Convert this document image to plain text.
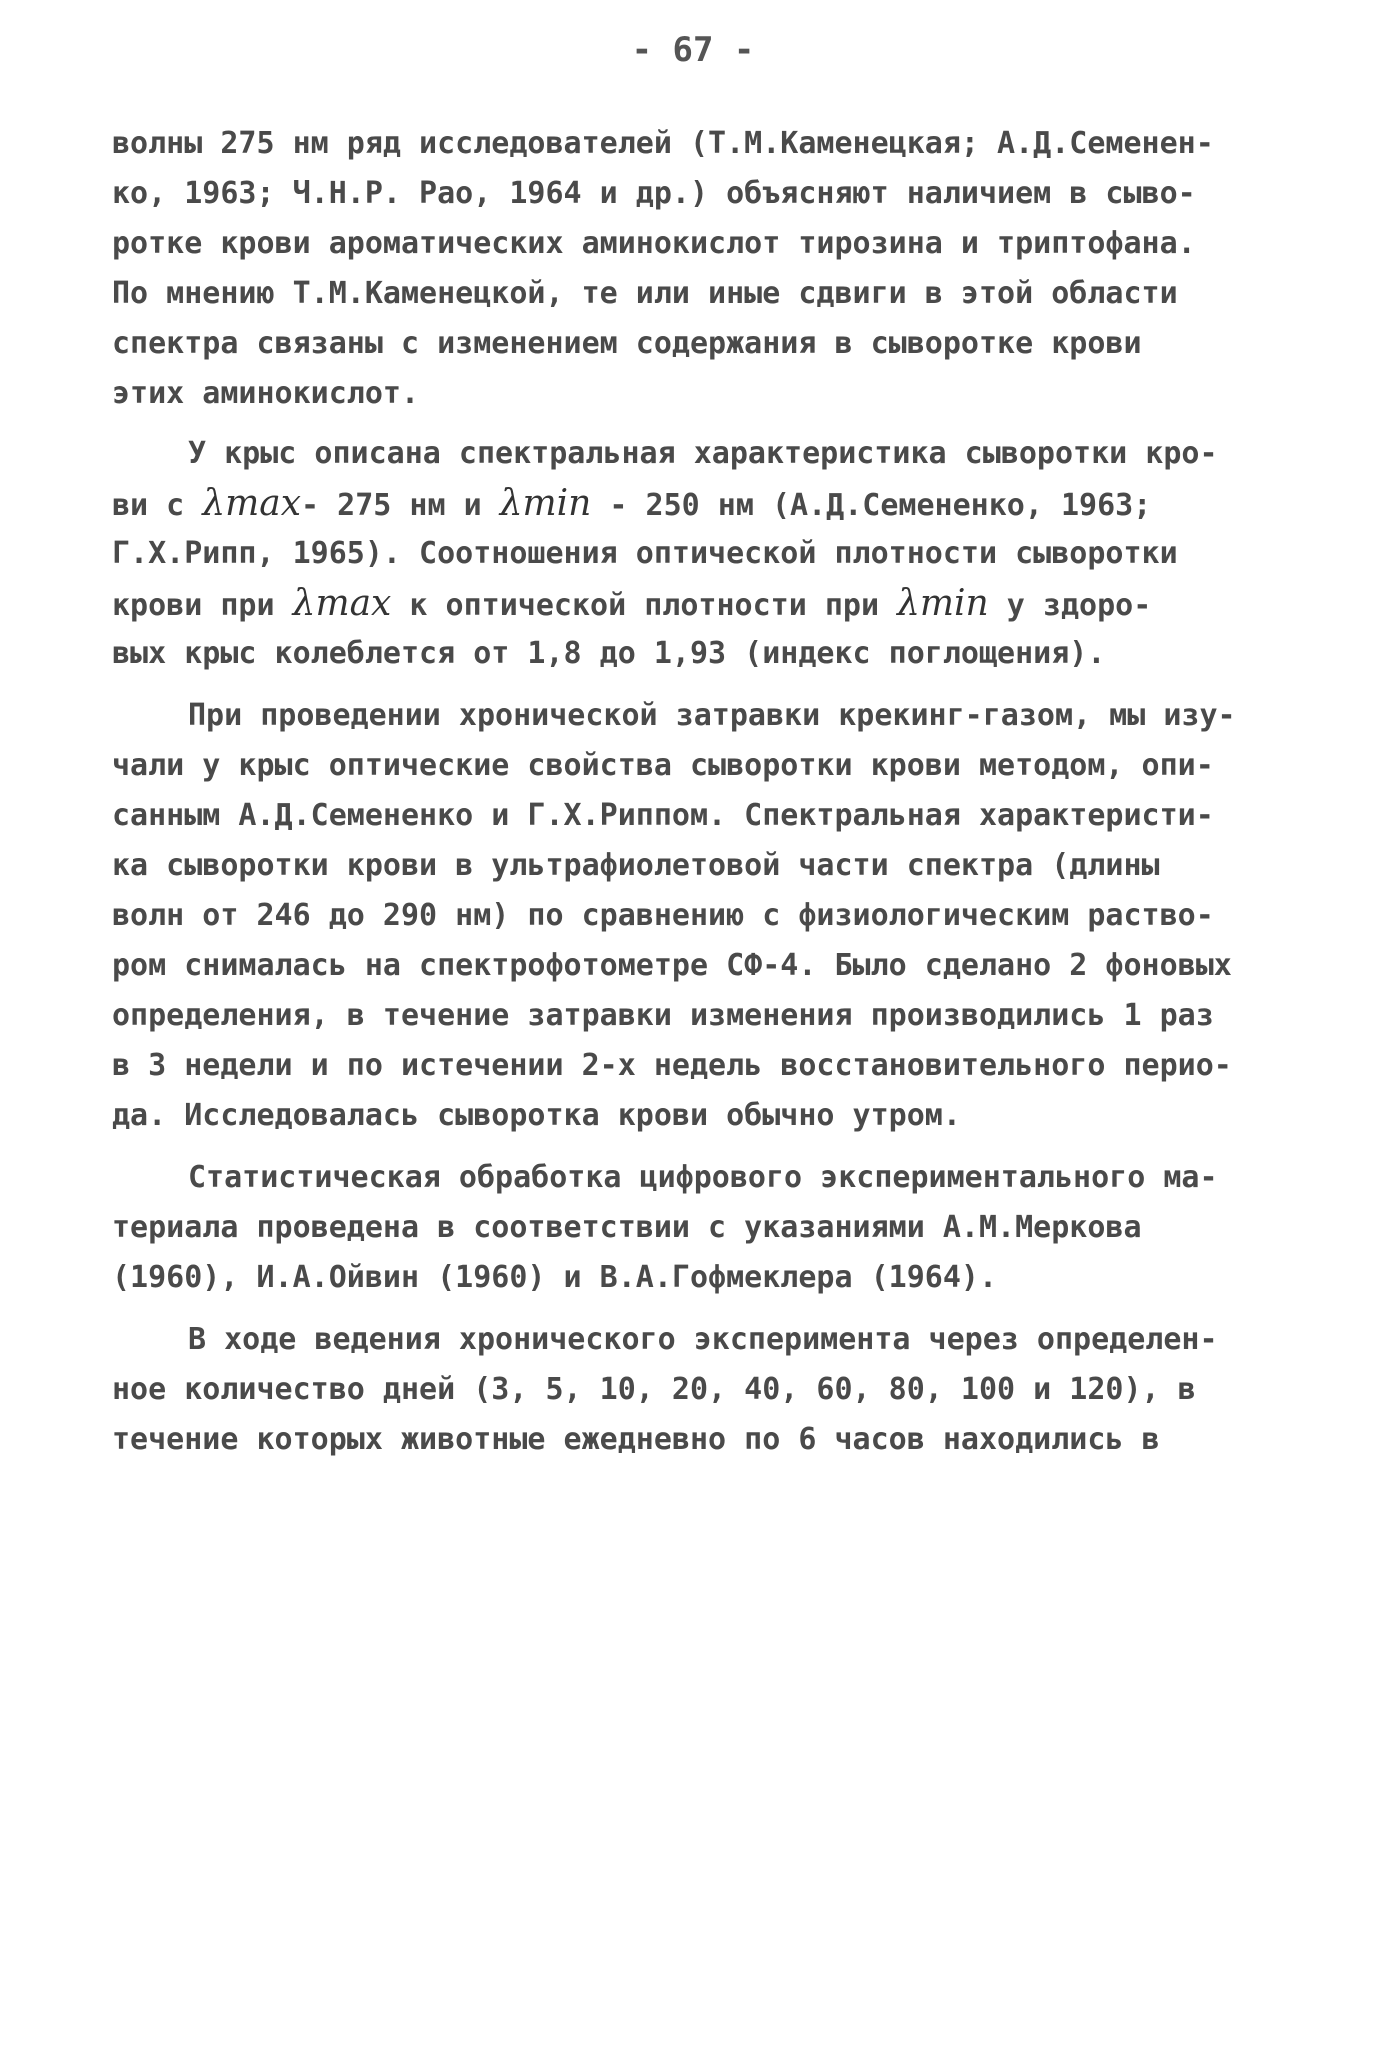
- 67 -
волны 275 нм ряд исследователей (Т.М.Каменецкая; А.Д.Семенен-
ко, 1963; Ч.Н.Р. Рао, 1964 и др.) объясняют наличием в сыво-
ротке крови ароматических аминокислот тирозина и триптофана.
По мнению Т.М.Каменецкой, те или иные сдвиги в этой области
спектра связаны с изменением содержания в сыворотке крови
этих аминокислот.
У крыс описана спектральная характеристика сыворотки кро-
ви с λmax- 275 нм и λmin - 250 нм (А.Д.Семененко, 1963;
Г.Х.Рипп, 1965). Соотношения оптической плотности сыворотки
крови при λmax к оптической плотности при λmin у здоро-
вых крыс колеблется от 1,8 до 1,93 (индекс поглощения).
При проведении хронической затравки крекинг-газом, мы изу-
чали у крыс оптические свойства сыворотки крови методом, опи-
санным А.Д.Семененко и Г.Х.Риппом. Спектральная характеристи-
ка сыворотки крови в ультрафиолетовой части спектра (длины
волн от 246 до 290 нм) по сравнению с физиологическим раство-
ром снималась на спектрофотометре СФ-4. Было сделано 2 фоновых
определения, в течение затравки изменения производились 1 раз
в 3 недели и по истечении 2-х недель восстановительного перио-
да. Исследовалась сыворотка крови обычно утром.
Статистическая обработка цифрового экспериментального ма-
териала проведена в соответствии с указаниями А.М.Меркова
(1960), И.А.Ойвин (1960) и В.А.Гофмеклера (1964).
В ходе ведения хронического эксперимента через определен-
ное количество дней (3, 5, 10, 20, 40, 60, 80, 100 и 120), в
течение которых животные ежедневно по 6 часов находились в
